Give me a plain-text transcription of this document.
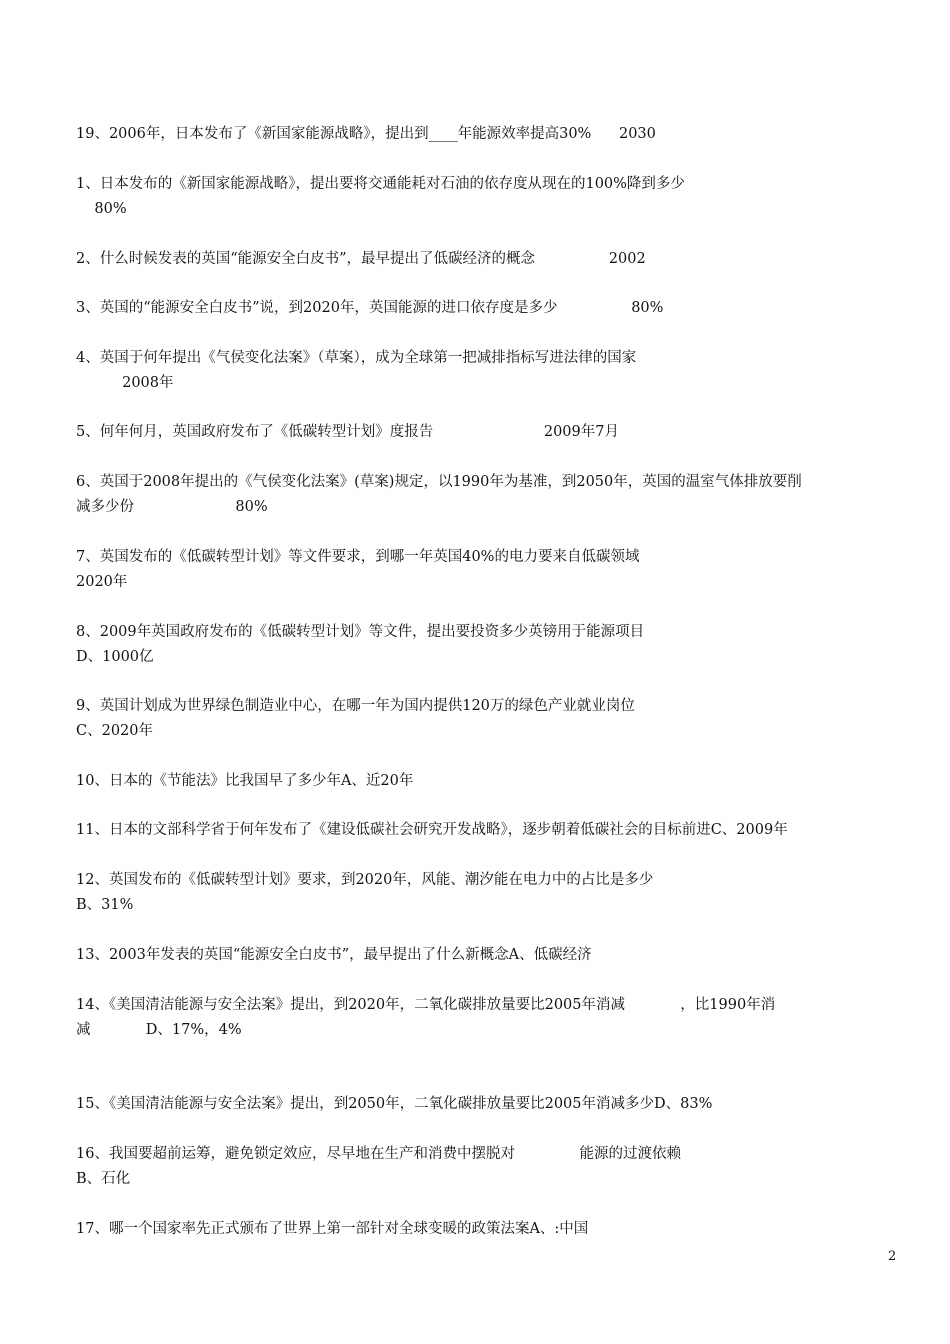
19、2006年，日本发布了《新国家能源战略》，提出到____年能源效率提高30%      2030
1、日本发布的《新国家能源战略》，提出要将交通能耗对石油的依存度从现在的100%降到多少
80%
2、什么时候发表的英国“能源安全白皮书”，最早提出了低碳经济的概念                2002
3、英国的“能源安全白皮书”说，到2020年，英国能源的进口依存度是多少                80%
4、英国于何年提出《气侯变化法案》（草案），成为全球第一把减排指标写进法律的国家
2008年
5、何年何月，英国政府发布了《低碳转型计划》度报告                        2009年7月
6、英国于2008年提出的《气侯变化法案》(草案)规定，以1990年为基准，到2050年，英国的温室气体排放要削
减多少份                      80%
7、英国发布的《低碳转型计划》等文件要求，到哪一年英国40%的电力要来自低碳领域
2020年
8、2009年英国政府发布的《低碳转型计划》等文件，提出要投资多少英镑用于能源项目
D、1000亿
9、英国计划成为世界绿色制造业中心，在哪一年为国内提供120万的绿色产业就业岗位
C、2020年
10、日本的《节能法》比我国早了多少年A、近20年
11、日本的文部科学省于何年发布了《建设低碳社会研究开发战略》，逐步朝着低碳社会的目标前进C、2009年
12、英国发布的《低碳转型计划》要求，到2020年，风能、潮汐能在电力中的占比是多少
B、31%
13、2003年发表的英国“能源安全白皮书”，最早提出了什么新概念A、低碳经济
14、《美国清洁能源与安全法案》提出，到2020年，二氧化碳排放量要比2005年消减            ，比1990年消
减            D、17%，4%
15、《美国清洁能源与安全法案》提出，到2050年，二氧化碳排放量要比2005年消减多少D、83%
16、我国要超前运筹，避免锁定效应，尽早地在生产和消费中摆脱对              能源的过渡依赖
B、石化
17、哪一个国家率先正式颁布了世界上第一部针对全球变暖的政策法案A、:中国
2
